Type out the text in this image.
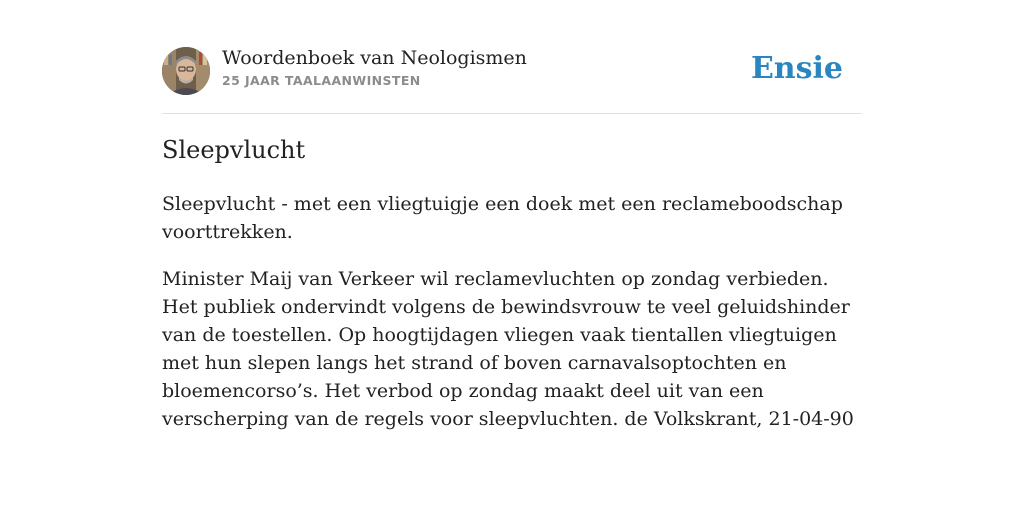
Woordenboek van Neologismen
25 JAAR TAALAANWINSTEN	Ensie
Sleepvlucht

Sleepvlucht - met een vliegtuigje een doek met een reclameboodschap voorttrekken.

Minister Maij van Verkeer wil reclamevluchten op zondag verbieden. Het publiek ondervindt volgens de bewindsvrouw te veel geluidshinder van de toestellen. Op hoogtijdagen vliegen vaak tientallen vliegtuigen met hun slepen langs het strand of boven carnavalsoptochten en bloemencorso’s. Het verbod op zondag maakt deel uit van een verscherping van de regels voor sleepvluchten. de Volkskrant, 21-04-90
